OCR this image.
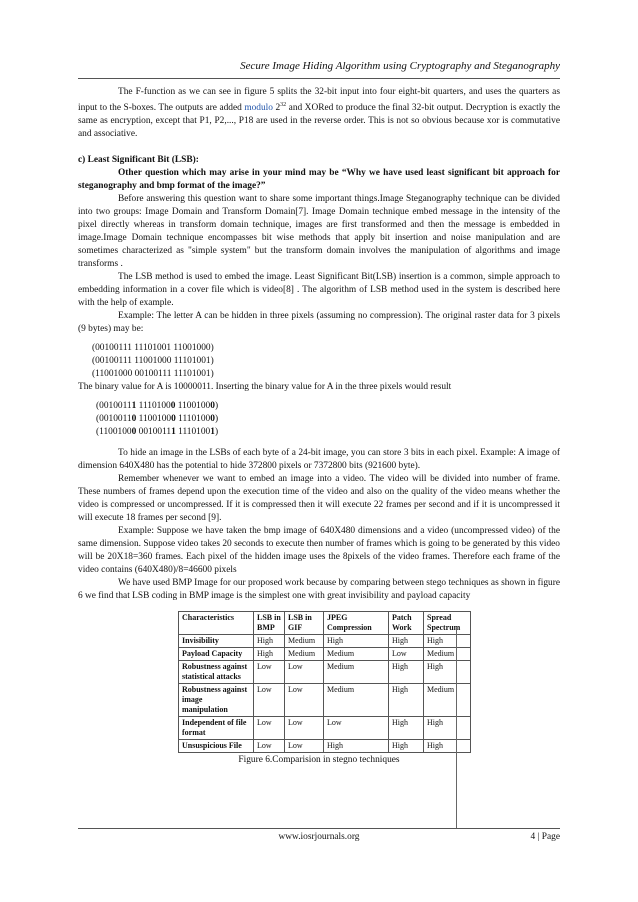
Secure Image Hiding Algorithm using Cryptography and Steganography

The F-function as we can see in figure 5 splits the 32-bit input into four eight-bit quarters, and uses the quarters as input to the S-boxes. The outputs are added modulo $2^{32}$ and XORed to produce the final 32-bit output. Decryption is exactly the same as encryption, except that P1, P2,..., P18 are used in the reverse order. This is not so obvious because xor is commutative and associative.

c) Least Significant Bit (LSB):

Other question which may arise in your mind may be “Why we have used least significant bit approach for steganography and bmp format of the image?”

Before answering this question want to share some important things.Image Steganography technique can be divided into two groups: Image Domain and Transform Domain[7]. Image Domain technique embed message in the intensity of the pixel directly whereas in transform domain technique, images are first transformed and then the message is embedded in image.Image Domain technique encompasses bit wise methods that apply bit insertion and noise manipulation and are sometimes characterized as "simple system" but the transform domain involves the manipulation of algorithms and image transforms .

The LSB method is used to embed the image. Least Significant Bit(LSB) insertion is a common, simple approach to embedding information in a cover file which is video[8] . The algorithm of LSB method used in the system is described here with the help of example.

Example: The letter A can be hidden in three pixels (assuming no compression). The original raster data for 3 pixels (9 bytes) may be:

(00100111 11101001 11001000)
(00100111 11001000 11101001)
(11001000 00100111 11101001)

The binary value for A is 10000011. Inserting the binary value for A in the three pixels would result

(00100111 11101000 11001000)
(00100110 11001000 11101000)
(11001000 00100111 11101001)

To hide an image in the LSBs of each byte of a 24-bit image, you can store 3 bits in each pixel. Example: A image of dimension 640X480 has the potential to hide 372800 pixels or 7372800 bits (921600 byte).

Remember whenever we want to embed an image into a video. The video will be divided into number of frame. These numbers of frames depend upon the execution time of the video and also on the quality of the video means whether the video is compressed or uncompressed. If it is compressed then it will execute 22 frames per second and if it is uncompressed it will execute 18 frames per second [9].

Example: Suppose we have taken the bmp image of 640X480 dimensions and a video (uncompressed video) of the same dimension. Suppose video takes 20 seconds to execute then number of frames which is going to be generated by this video will be 20X18=360 frames. Each pixel of the hidden image uses the 8pixels of the video frames. Therefore each frame of the video contains (640X480)/8=46600 pixels

We have used BMP Image for our proposed work because by comparing between stego techniques as shown in figure 6 we find that LSB coding in BMP image is the simplest one with great invisibility and payload capacity

Characteristics	LSB in BMP	LSB in GIF	JPEG Compression	Patch Work	Spread Spectrum
Invisibility	High	Medium	High	High	High
Payload Capacity	High	Medium	Medium	Low	Medium
Robustness against statistical attacks	Low	Low	Medium	High	High
Robustness against image manipulation	Low	Low	Medium	High	Medium
Independent of file format	Low	Low	Low	High	High
Unsuspicious File	Low	Low	High	High	High
Figure 6.Comparision in stegno techniques
www.iosrjournals.org	4 | Page
